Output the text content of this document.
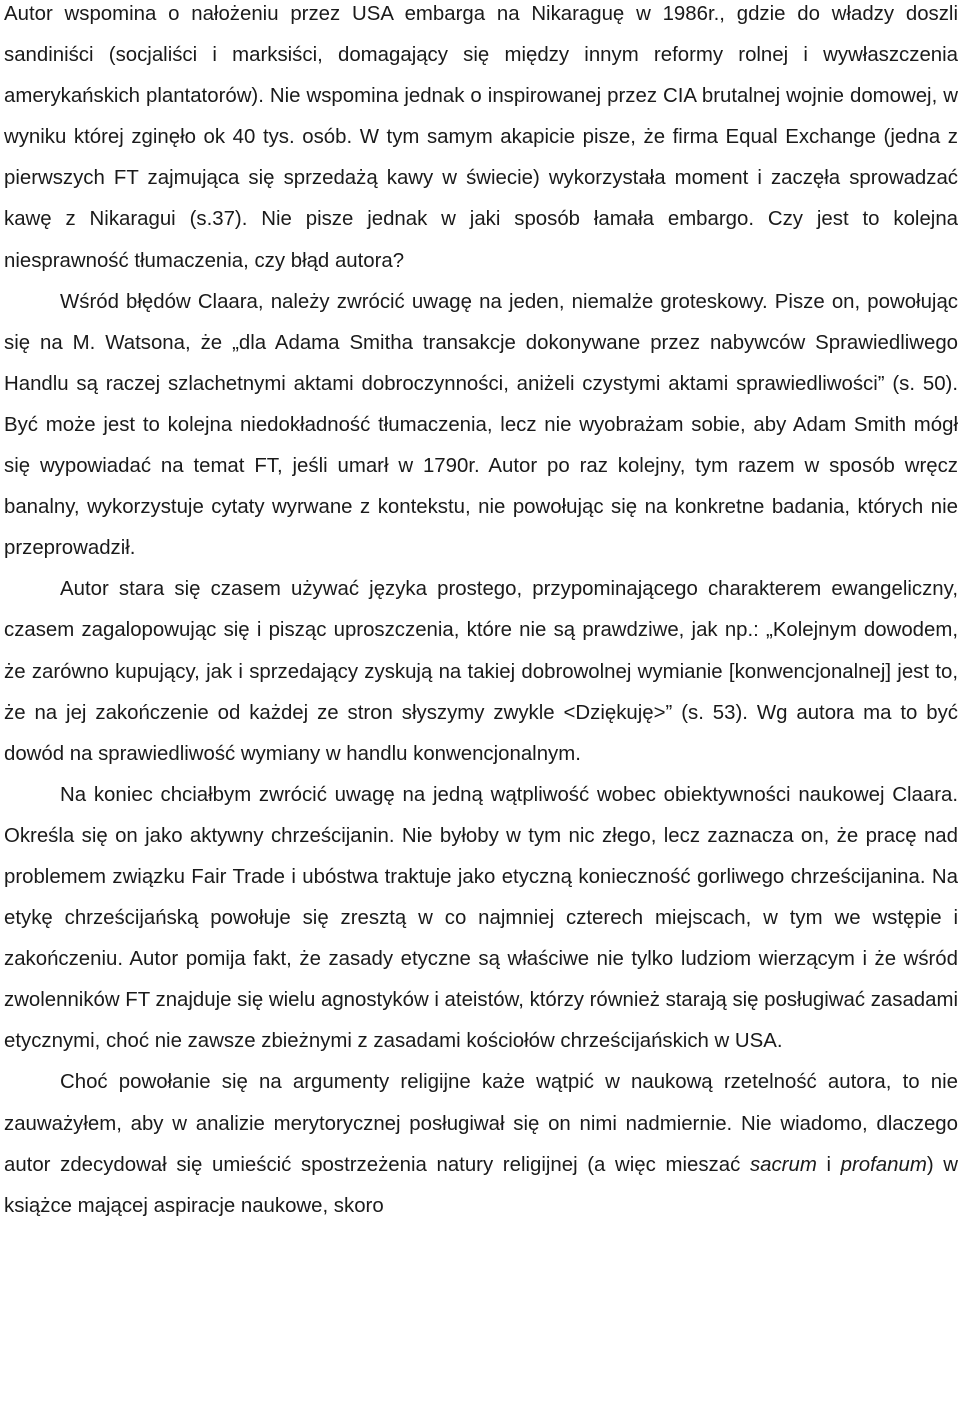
Autor wspomina o nałożeniu przez USA embarga na Nikaraguę w 1986r., gdzie do władzy doszli sandiniści (socjaliści i marksiści, domagający się między innym reformy rolnej i wywłaszczenia amerykańskich plantatorów). Nie wspomina jednak o inspirowanej przez CIA brutalnej wojnie domowej, w wyniku której zginęło ok 40 tys. osób. W tym samym akapicie pisze, że firma Equal Exchange (jedna z pierwszych FT zajmująca się sprzedażą kawy w świecie) wykorzystała moment i zaczęła sprowadzać kawę z Nikaragui (s.37). Nie pisze jednak w jaki sposób łamała embargo. Czy jest to kolejna niesprawność tłumaczenia, czy błąd autora?

Wśród błędów Claara, należy zwrócić uwagę na jeden, niemalże groteskowy. Pisze on, powołując się na M. Watsona, że „dla Adama Smitha transakcje dokonywane przez nabywców Sprawiedliwego Handlu są raczej szlachetnymi aktami dobroczynności, aniżeli czystymi aktami sprawiedliwości” (s. 50). Być może jest to kolejna niedokładność tłumaczenia, lecz nie wyobrażam sobie, aby Adam Smith mógł się wypowiadać na temat FT, jeśli umarł w 1790r. Autor po raz kolejny, tym razem w sposób wręcz banalny, wykorzystuje cytaty wyrwane z kontekstu, nie powołując się na konkretne badania, których nie przeprowadził.

Autor stara się czasem używać języka prostego, przypominającego charakterem ewangeliczny, czasem zagalopowując się i pisząc uproszczenia, które nie są prawdziwe, jak np.: „Kolejnym dowodem, że zarówno kupujący, jak i sprzedający zyskują na takiej dobrowolnej wymianie [konwencjonalnej] jest to, że na jej zakończenie od każdej ze stron słyszymy zwykle <Dziękuję>” (s. 53). Wg autora ma to być dowód na sprawiedliwość wymiany w handlu konwencjonalnym.

Na koniec chciałbym zwrócić uwagę na jedną wątpliwość wobec obiektywności naukowej Claara. Określa się on jako aktywny chrześcijanin. Nie byłoby w tym nic złego, lecz zaznacza on, że pracę nad problemem związku Fair Trade i ubóstwa traktuje jako etyczną konieczność gorliwego chrześcijanina. Na etykę chrześcijańską powołuje się zresztą w co najmniej czterech miejscach, w tym we wstępie i zakończeniu. Autor pomija fakt, że zasady etyczne są właściwe nie tylko ludziom wierzącym i że wśród zwolenników FT znajduje się wielu agnostyków i ateistów, którzy również starają się posługiwać zasadami etycznymi, choć nie zawsze zbieżnymi z zasadami kościołów chrześcijańskich w USA.

Choć powołanie się na argumenty religijne każe wątpić w naukową rzetelność autora, to nie zauważyłem, aby w analizie merytorycznej posługiwał się on nimi nadmiernie. Nie wiadomo, dlaczego autor zdecydował się umieścić spostrzeżenia natury religijnej (a więc mieszać sacrum i profanum) w książce mającej aspiracje naukowe, skoro
